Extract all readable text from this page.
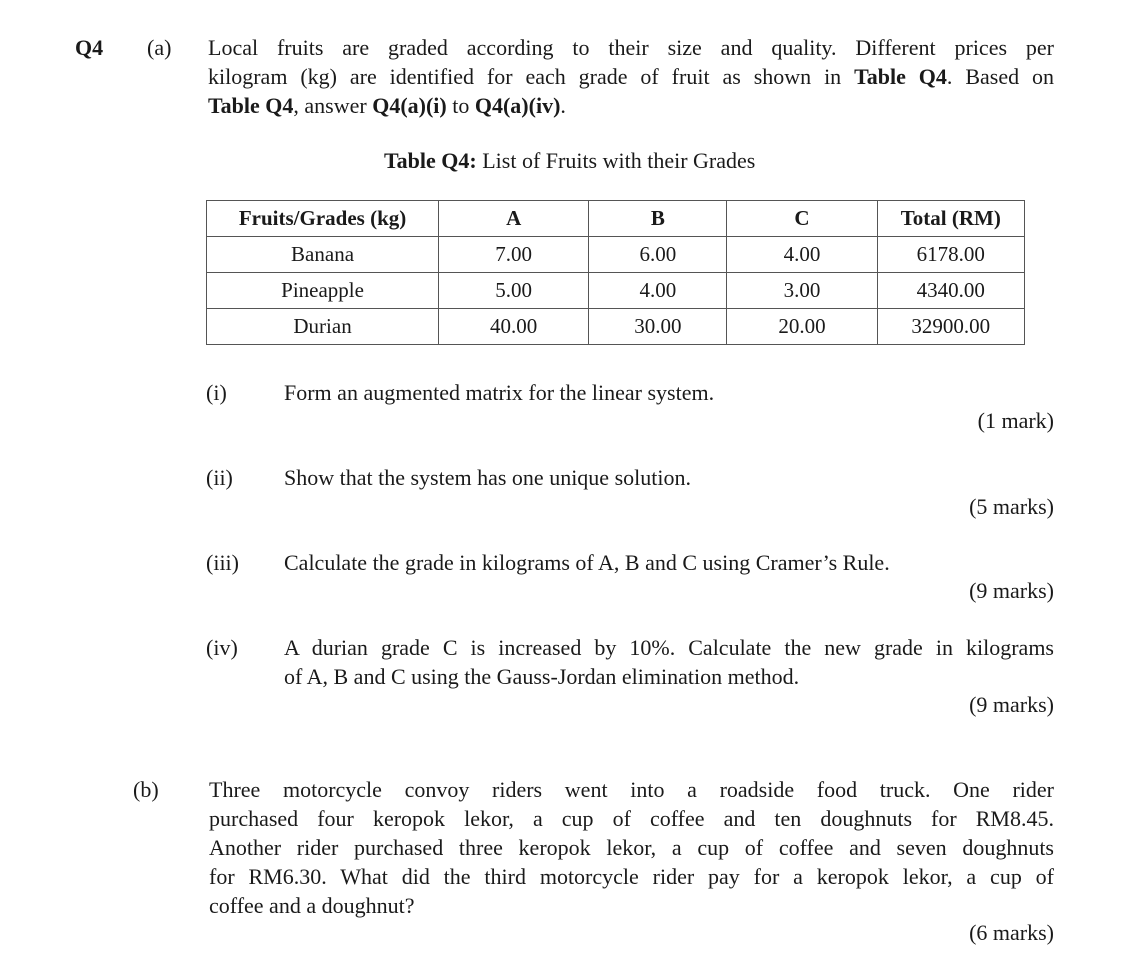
Q4 (a) Local fruits are graded according to their size and quality. Different prices per
kilogram (kg) are identified for each grade of fruit as shown in Table Q4. Based on
Table Q4, answer Q4(a)(i) to Q4(a)(iv).
Table Q4: List of Fruits with their Grades
Fruits/Grades (kg)	A	B	C	Total (RM)
Banana	7.00	6.00	4.00	6178.00
Pineapple	5.00	4.00	3.00	4340.00
Durian	40.00	30.00	20.00	32900.00
(i)	Form an augmented matrix for the linear system.
(1 mark)
(ii) Show that the system has one unique solution.
(5 marks)
(iii) Calculate the grade in kilograms of A, B and C using Cramer’s Rule.
(9 marks)
(iv) A durian grade C is increased by 10%. Calculate the new grade in kilograms
of A, B and C using the Gauss-Jordan elimination method.
(9 marks)
(b) Three motorcycle convoy riders went into a roadside food truck. One rider
purchased four keropok lekor, a cup of coffee and ten doughnuts for RM8.45.
Another rider purchased three keropok lekor, a cup of coffee and seven doughnuts
for RM6.30. What did the third motorcycle rider pay for a keropok lekor, a cup of
coffee and a doughnut?
(6 marks)
